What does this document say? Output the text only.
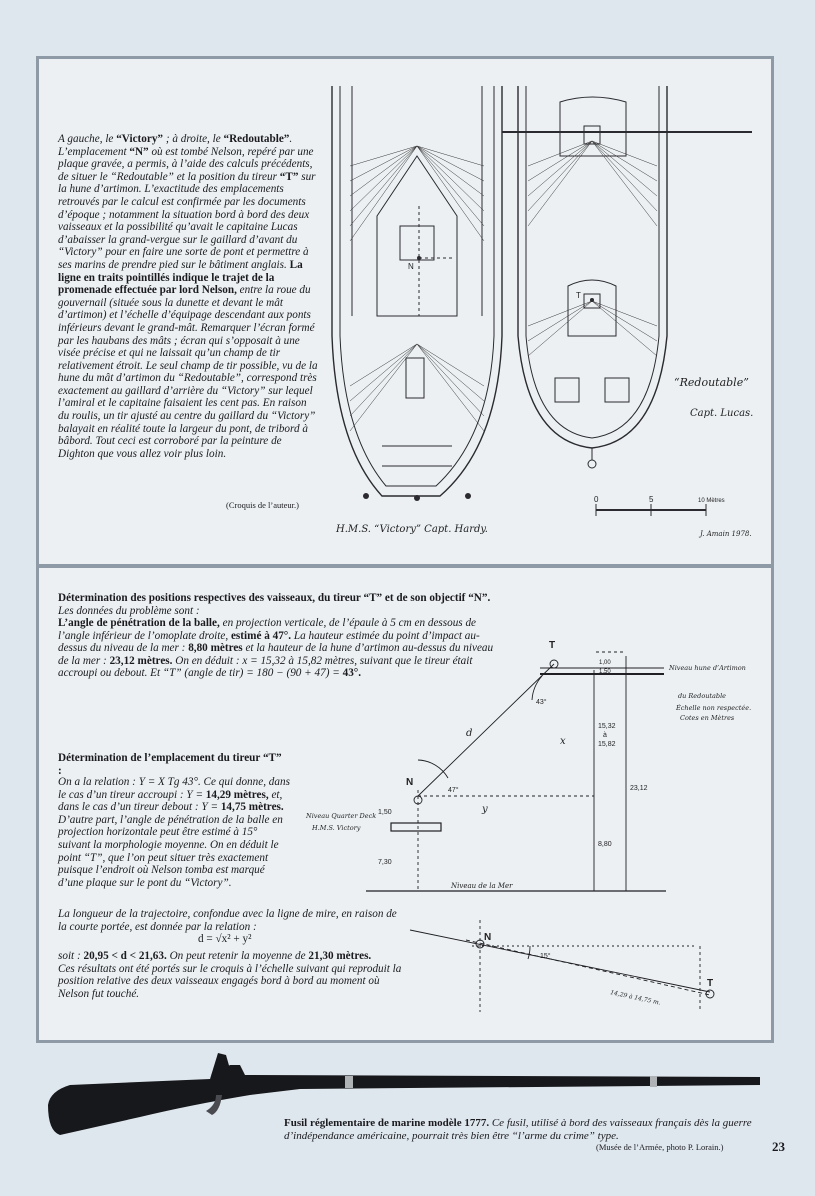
A gauche, le “Victory” ; à droite, le “Redoutable”. L’emplacement “N” où est tombé Nelson, repéré par une plaque gravée, a permis, à l’aide des calculs précédents, de situer le “Redoutable” et la position du tireur “T” sur la hune d’artimon. L’exactitude des emplacements retrouvés par le calcul est confirmée par les documents d’époque ; notamment la situation bord à bord des deux vaisseaux et la possibilité qu’avait le capitaine Lucas d’abaisser la grand-vergue sur le gaillard d’avant du “Victory” pour en faire une sorte de pont et permettre à ses marins de prendre pied sur le bâtiment anglais. La ligne en traits pointillés indique le trajet de la promenade effectuée par lord Nelson, entre la roue du gouvernail (située sous la dunette et devant le mât d’artimon) et l’échelle d’équipage descendant aux ponts inférieurs devant le grand-mât. Remarquer l’écran formé par les haubans des mâts ; écran qui s’opposait à une visée précise et qui ne laissait qu’un champ de tir relativement étroit. Le seul champ de tir possible, vu de la hune du mât d’artimon du “Redoutable”, correspond très exactement au gaillard d’arrière du “Victory” sur lequel l’amiral et le capitaine faisaient les cent pas. En raison du roulis, un tir ajusté au centre du gaillard du “Victory” balayait en réalité toute la largeur du pont, de tribord à bâbord. Tout ceci est corroboré par la peinture de Dighton que vous allez voir plus loin.
(Croquis de l’auteur.)
N
T
0	5	10 Mètres
H.M.S. “Victory” Capt. Hardy.
“Redoutable”
Capt. Lucas.
J. Amain 1978.
Détermination des positions respectives des vaisseaux, du tireur “T” et de son objectif “N”. Les données du problème sont :
L’angle de pénétration de la balle, en projection verticale, de l’épaule à 5 cm en dessous de l’angle inférieur de l’omoplate droite, estimé à 47°. La hauteur estimée du point d’impact au-dessus du niveau de la mer : 8,80 mètres et la hauteur de la hune d’artimon au-dessus du niveau de la mer : 23,12 mètres. On en déduit : x = 15,32 à 15,82 mètres, suivant que le tireur était accroupi ou debout. Et “T” (angle de tir) = 180 − (90 + 47) = 43°.
Détermination de l’emplacement du tireur “T” :
On a la relation : Y = X Tg 43°. Ce qui donne, dans le cas d’un tireur accroupi : Y = 14,29 mètres, et, dans le cas d’un tireur debout : Y = 14,75 mètres. D’autre part, l’angle de pénétration de la balle en projection horizontale peut être estimé à 15° suivant la morphologie moyenne. On en déduit le point “T”, que l’on peut situer très exactement puisque l’endroit où Nelson tomba est marqué d’une plaque sur le pont du “Victory”.
La longueur de la trajectoire, confondue avec la ligne de mire, en raison de la courte portée, est donnée par la relation :
d = √x² + y²
soit : 20,95 < d < 21,63. On peut retenir la moyenne de 21,30 mètres.
Ces résultats ont été portés sur le croquis à l’échelle suivant qui reproduit la position relative des deux vaisseaux engagés bord à bord au moment où Nelson fut touché.
T
N
43°
47°
1,00
1,50
15,32
à
15,82
23,12
8,80
1,50
7,30
d
x
y
Niveau hune d’Artimon
du Redoutable
Échelle non respectée.
Cotes en Mètres
Niveau Quarter Deck
H.M.S. Victory
Niveau de la Mer
N
T
15°
14,29 à 14,75 m.
Fusil réglementaire de marine modèle 1777. Ce fusil, utilisé à bord des vaisseaux français dès la guerre d’indépendance américaine, pourrait très bien être “l’arme du crime” type.
(Musée de l’Armée, photo P. Lorain.)	23
